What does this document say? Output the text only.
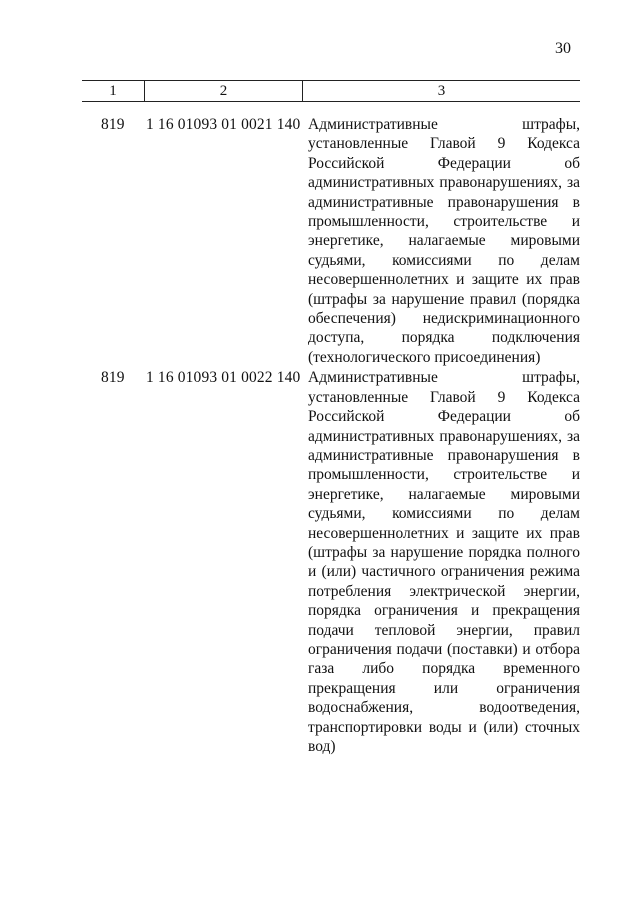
30
1	2	3
819	1 16 01093 01 0021 140 Административные штрафы, установленные Главой 9 Кодекса Российской Федерации об административных правонарушениях, за административные правонарушения в промышленности, строительстве и энергетике, налагаемые мировыми судьями, комиссиями по делам несовершеннолетних и защите их прав (штрафы за нарушение правил (порядка обеспечения) недискриминационного доступа, порядка подключения (технологического присоединения)
819	1 16 01093 01 0022 140 Административные штрафы, установленные Главой 9 Кодекса Российской Федерации об административных правонарушениях, за административные правонарушения в промышленности, строительстве и энергетике, налагаемые мировыми судьями, комиссиями по делам несовершеннолетних и защите их прав (штрафы за нарушение порядка полного и (или) частичного ограничения режима потребления электрической энергии, порядка ограничения и прекращения подачи тепловой энергии, правил ограничения подачи (поставки) и отбора газа либо порядка временного прекращения или ограничения водоснабжения, водоотведения, транспортировки воды и (или) сточных вод)
